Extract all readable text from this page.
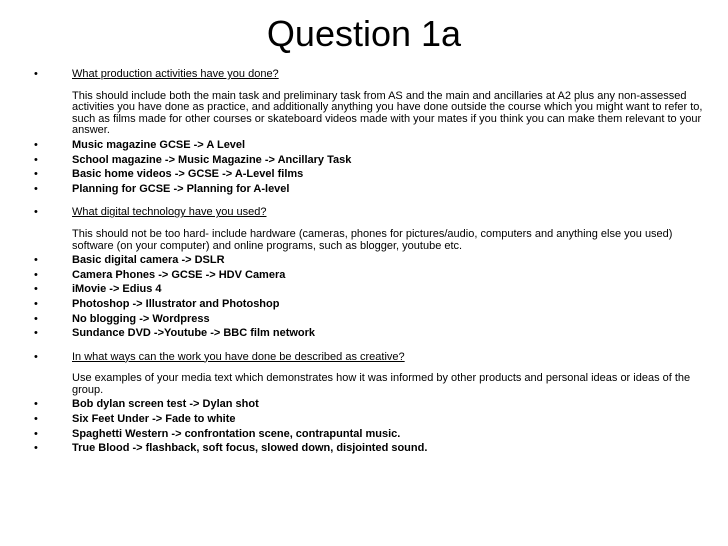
Question 1a
•	What production activities have you done?
This should include both the main task and preliminary task from AS and the main and ancillaries at A2 plus any non-assessed activities you have done as practice, and additionally anything you have done outside the course which you might want to refer to, such as films made for other courses or skateboard videos made with your mates if you think you can make them relevant to your answer.
•	Music magazine GCSE -> A Level
•	School magazine -> Music Magazine -> Ancillary Task
•	Basic home videos -> GCSE -> A-Level films
•	Planning for GCSE -> Planning for A-level
•	What digital technology have you used?
This should not be too hard- include hardware (cameras, phones for pictures/audio, computers and anything else you used) software (on your computer) and online programs, such as blogger, youtube etc.
•	Basic digital camera -> DSLR
•	Camera Phones -> GCSE -> HDV Camera
•	iMovie -> Edius 4
•	Photoshop -> Illustrator and Photoshop
•	No blogging -> Wordpress
•	Sundance DVD ->Youtube -> BBC film network
•	In what ways can the work you have done be described as creative?
Use examples of your media text which demonstrates how it was informed by other products and personal ideas or ideas of the group.
•	Bob dylan screen test -> Dylan shot
•	Six Feet Under -> Fade to white
•	Spaghetti Western -> confrontation scene, contrapuntal music.
•	True Blood -> flashback, soft focus, slowed down, disjointed sound.
